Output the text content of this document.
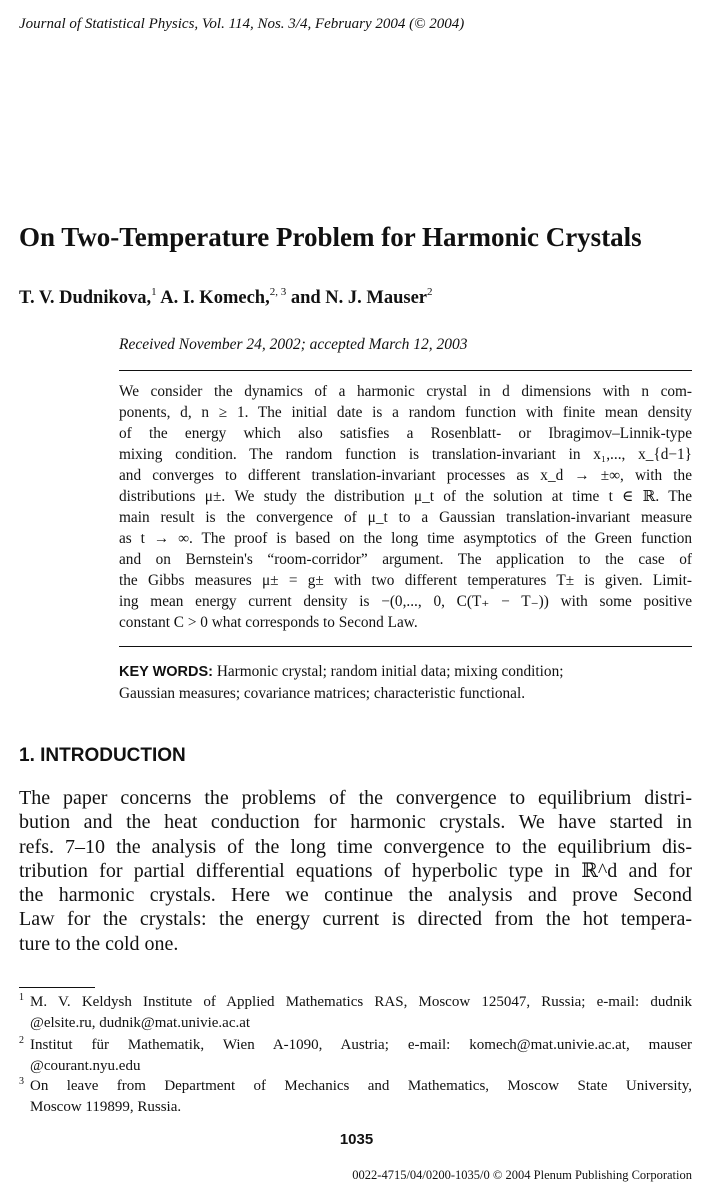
Journal of Statistical Physics, Vol. 114, Nos. 3/4, February 2004 (© 2004)
On Two-Temperature Problem for Harmonic Crystals
T. V. Dudnikova,$^1$ A. I. Komech,$^{2, 3}$ and N. J. Mauser$^2$
Received November 24, 2002; accepted March 12, 2003
We consider the dynamics of a harmonic crystal in d dimensions with n com-
ponents, d, n ≥ 1. The initial date is a random function with finite mean density
of the energy which also satisfies a Rosenblatt- or Ibragimov–Linnik-type
mixing condition. The random function is translation-invariant in x₁,..., x_{d−1}
and converges to different translation-invariant processes as x_d → ±∞, with the
distributions μ±. We study the distribution μ_t of the solution at time t ∈ ℝ. The
main result is the convergence of μ_t to a Gaussian translation-invariant measure
as t → ∞. The proof is based on the long time asymptotics of the Green function
and on Bernstein's “room-corridor” argument. The application to the case of
the Gibbs measures μ± = g± with two different temperatures T± is given. Limit-
ing mean energy current density is −(0,..., 0, C(T₊ − T₋)) with some positive
constant C > 0 what corresponds to Second Law.
KEY WORDS: Harmonic crystal; random initial data; mixing condition;
Gaussian measures; covariance matrices; characteristic functional.
1. INTRODUCTION
The paper concerns the problems of the convergence to equilibrium distri-
bution and the heat conduction for harmonic crystals. We have started in
refs. 7–10 the analysis of the long time convergence to the equilibrium dis-
tribution for partial differential equations of hyperbolic type in ℝ^d and for
the harmonic crystals. Here we continue the analysis and prove Second
Law for the crystals: the energy current is directed from the hot tempera-
ture to the cold one.
1 M. V. Keldysh Institute of Applied Mathematics RAS, Moscow 125047, Russia; e-mail: dudnik
@elsite.ru, dudnik@mat.univie.ac.at
2 Institut für Mathematik, Wien A-1090, Austria; e-mail: komech@mat.univie.ac.at, mauser
@courant.nyu.edu
3 On leave from Department of Mechanics and Mathematics, Moscow State University,
Moscow 119899, Russia.
1035
0022-4715/04/0200-1035/0 © 2004 Plenum Publishing Corporation
